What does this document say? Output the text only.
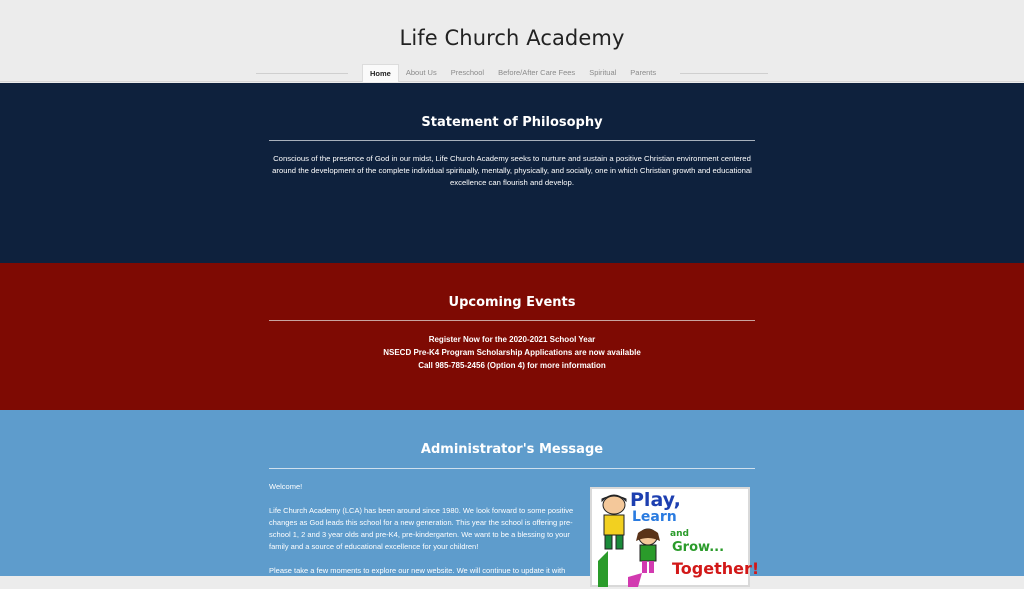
Life Church Academy
Home	About Us	Preschool	Before/After Care Fees	Spiritual	Parents
Statement of Philosophy
Conscious of the presence of God in our midst, Life Church Academy seeks to nurture and sustain a positive Christian environment centered around the development of the complete individual spiritually, mentally, physically, and socially, one in which Christian growth and educational excellence can flourish and develop.
Upcoming Events
Register Now for the 2020-2021 School Year
NSECD Pre-K4 Program Scholarship Applications are now available
Call 985-785-2456 (Option 4) for more information
Administrator's Message

Welcome!

Life Church Academy (LCA) has been around since 1980. We look forward to some positive changes as God leads this school for a new generation. This year the school is offering pre-school 1, 2 and 3 year olds and pre-K4, pre-kindergarten. We want to be a blessing to your family and a source of educational excellence for your children!

Please take a few moments to explore our new website. We will continue to update it with

Play,
Learn
and
Grow...
Together!
